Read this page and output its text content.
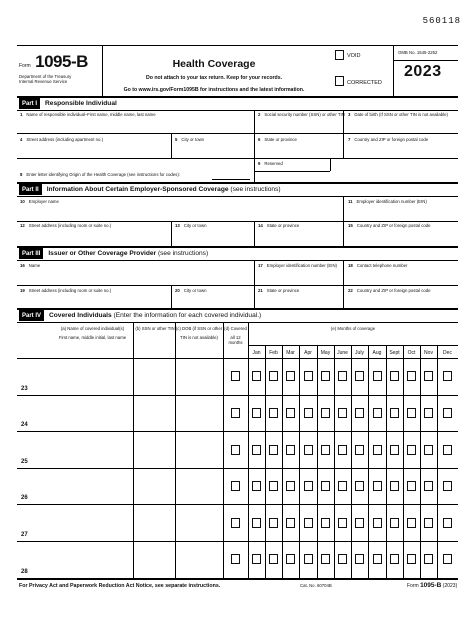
560118
Form 1095-B
Department of the Treasury
Internal Revenue Service
Health Coverage
Do not attach to your tax return. Keep for your records.
Go to www.irs.gov/Form1095B for instructions and the latest information.
VOID
CORRECTED
OMB No. 1545-2252
2023
Part I	Responsible Individual
1 Name of responsible individual–First name, middle name, last name	2 Social security number (SSN) or other TIN 3 Date of birth (If SSN or other TIN is not available)
4 Street address (including apartment no.)	5 City or town	6 State or province	7 Country and ZIP or foreign postal code
9 Reserved
8 Enter letter identifying Origin of the Health Coverage (see instructions for codes):
Part II	Information About Certain Employer-Sponsored Coverage (see instructions)
10 Employer name	11 Employer identification number (EIN)
12 Street address (including room or suite no.)	13 City or town	14 State or province	15 Country and ZIP or foreign postal code
Part III	Issuer or Other Coverage Provider (see instructions)
16 Name	17 Employer identification number (EIN)	18 Contact telephone number
19 Street address (including room or suite no.)	20 City or town	21 State or province	22 Country and ZIP or foreign postal code
Part IV	Covered Individuals (Enter the information for each covered individual.)
(a) Name of covered individual(s)
First name, middle initial, last name
(b) SSN or other TIN (c) DOB (if SSN or other
TIN is not available)
(d) Covered
all 12 months
(e) Months of coverage
Jan	Feb	Mar	Apr	May	June	July	Aug	Sept	Oct	Nov	Dec
23
24
25
26
27
28
For Privacy Act and Paperwork Reduction Act Notice, see separate instructions.	Cat. No. 60704B	Form 1095-B (2023)
